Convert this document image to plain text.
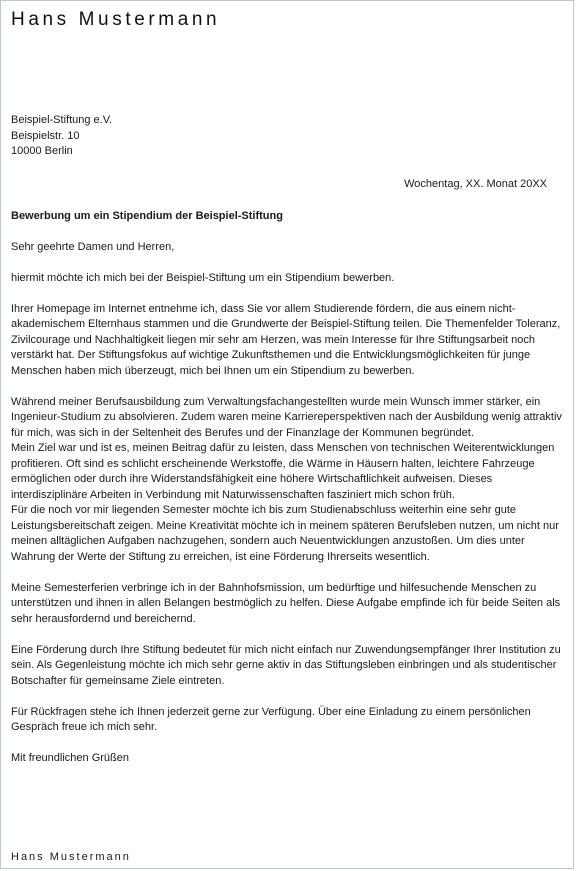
Hans Mustermann
Beispiel-Stiftung e.V.
Beispielstr. 10
10000 Berlin
Wochentag, XX. Monat 20XX

Bewerbung um ein Stipendium der Beispiel-Stiftung

Sehr geehrte Damen und Herren,

hiermit möchte ich mich bei der Beispiel-Stiftung um ein Stipendium bewerben.

Ihrer Homepage im Internet entnehme ich, dass Sie vor allem Studierende fördern, die aus einem nicht-akademischem Elternhaus stammen und die Grundwerte der Beispiel-Stiftung teilen. Die Themenfelder Toleranz, Zivilcourage und Nachhaltigkeit liegen mir sehr am Herzen, was mein Interesse für Ihre Stiftungsarbeit noch verstärkt hat. Der Stiftungsfokus auf wichtige Zukunftsthemen und die Entwicklungsmöglichkeiten für junge Menschen haben mich überzeugt, mich bei Ihnen um ein Stipendium zu bewerben.

Während meiner Berufsausbildung zum Verwaltungsfachangestellten wurde mein Wunsch immer stärker, ein Ingenieur-Studium zu absolvieren. Zudem waren meine Karriereperspektiven nach der Ausbildung wenig attraktiv für mich, was sich in der Seltenheit des Berufes und der Finanzlage der Kommunen begründet.

Mein Ziel war und ist es, meinen Beitrag dafür zu leisten, dass Menschen von technischen Weiterentwicklungen profitieren. Oft sind es schlicht erscheinende Werkstoffe, die Wärme in Häusern halten, leichtere Fahrzeuge ermöglichen oder durch ihre Widerstandsfähigkeit eine höhere Wirtschaftlichkeit aufweisen. Dieses interdisziplinäre Arbeiten in Verbindung mit Naturwissenschaften fasziniert mich schon früh.

Für die noch vor mir liegenden Semester möchte ich bis zum Studienabschluss weiterhin eine sehr gute Leistungsbereitschaft zeigen. Meine Kreativität möchte ich in meinem späteren Berufsleben nutzen, um nicht nur meinen alltäglichen Aufgaben nachzugehen, sondern auch Neuentwicklungen anzustoßen. Um dies unter Wahrung der Werte der Stiftung zu erreichen, ist eine Förderung Ihrerseits wesentlich.

Meine Semesterferien verbringe ich in der Bahnhofsmission, um bedürftige und hilfesuchende Menschen zu unterstützen und ihnen in allen Belangen bestmöglich zu helfen. Diese Aufgabe empfinde ich für beide Seiten als sehr herausfordernd und bereichernd.

Eine Förderung durch Ihre Stiftung bedeutet für mich nicht einfach nur Zuwendungsempfänger Ihrer Institution zu sein. Als Gegenleistung möchte ich mich sehr gerne aktiv in das Stiftungsleben einbringen und als studentischer Botschafter für gemeinsame Ziele eintreten.

Für Rückfragen stehe ich Ihnen jederzeit gerne zur Verfügung. Über eine Einladung zu einem persönlichen Gespräch freue ich mich sehr.

Mit freundlichen Grüßen

Hans Mustermann
